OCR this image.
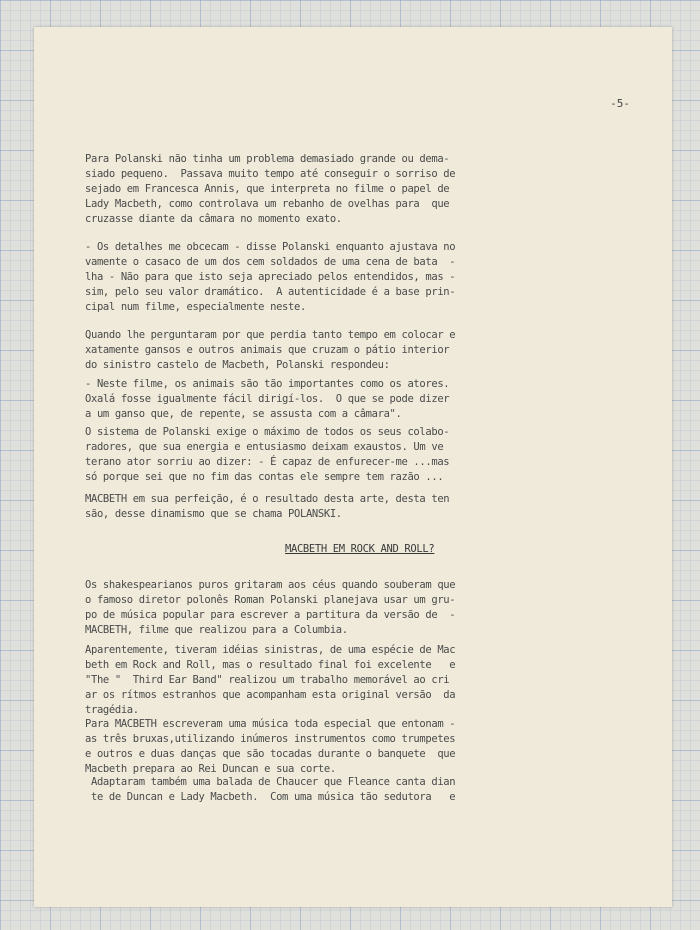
-5-

Para Polanski não tinha um problema demasiado grande ou dema-
siado pequeno.  Passava muito tempo até conseguir o sorriso de
sejado em Francesca Annis, que interpreta no filme o papel de
Lady Macbeth, como controlava um rebanho de ovelhas para  que
cruzasse diante da câmara no momento exato.

- Os detalhes me obcecam - disse Polanski enquanto ajustava no
vamente o casaco de um dos cem soldados de uma cena de bata  -
lha - Não para que isto seja apreciado pelos entendidos, mas -
sim, pelo seu valor dramático.  A autenticidade é a base prin-
cipal num filme, especialmente neste.

Quando lhe perguntaram por que perdia tanto tempo em colocar e
xatamente gansos e outros animais que cruzam o pátio interior
do sinistro castelo de Macbeth, Polanski respondeu:

- Neste filme, os animais são tão importantes como os atores.
Oxalá fosse igualmente fácil dirigí-los.  O que se pode dizer
a um ganso que, de repente, se assusta com a câmara".

O sistema de Polanski exige o máximo de todos os seus colabo-
radores, que sua energia e entusiasmo deixam exaustos. Um ve
terano ator sorriu ao dizer: - É capaz de enfurecer-me ...mas
só porque sei que no fim das contas ele sempre tem razão ...

MACBETH em sua perfeição, é o resultado desta arte, desta ten
são, desse dinamismo que se chama POLANSKI.

MACBETH EM ROCK AND ROLL?

Os shakespearianos puros gritaram aos céus quando souberam que
o famoso diretor polonês Roman Polanski planejava usar um gru-
po de música popular para escrever a partitura da versão de  -
MACBETH, filme que realizou para a Columbia.

Aparentemente, tiveram idéias sinistras, de uma espécie de Mac
beth em Rock and Roll, mas o resultado final foi excelente   e
"The "  Third Ear Band" realizou um trabalho memorável ao cri
ar os rítmos estranhos que acompanham esta original versão  da
tragédia.

Para MACBETH escreveram uma música toda especial que entonam -
as três bruxas,utilizando inúmeros instrumentos como trumpetes
e outros e duas danças que são tocadas durante o banquete  que
Macbeth prepara ao Rei Duncan e sua corte.

Adaptaram também uma balada de Chaucer que Fleance canta dian
te de Duncan e Lady Macbeth.  Com uma música tão sedutora   e
